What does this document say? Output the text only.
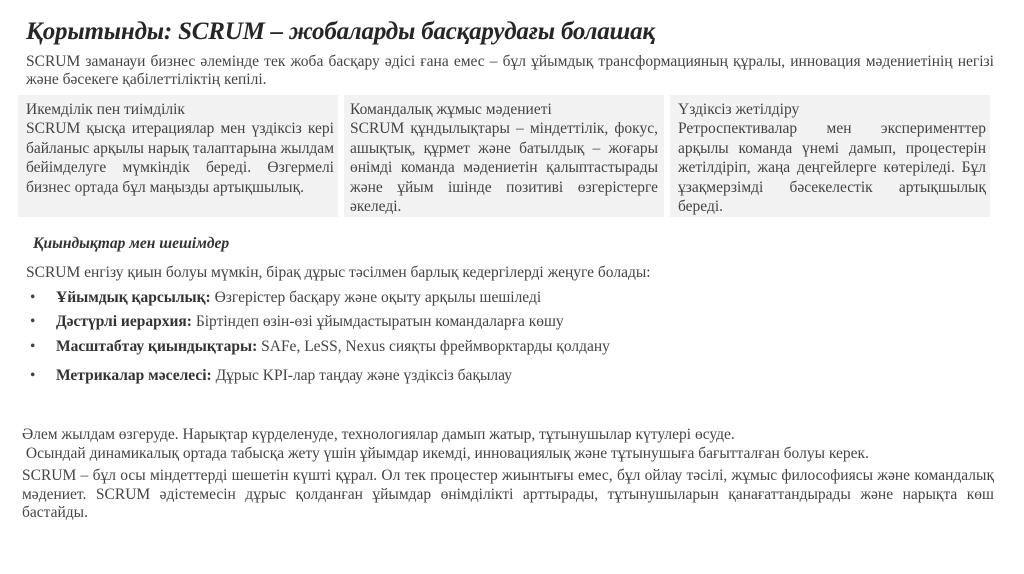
Қорытынды: SCRUM – жобаларды басқарудағы болашақ
SCRUM заманауи бизнес әлемінде тек жоба басқару әдісі ғана емес – бұл ұйымдық трансформацияның құралы, инновация мәдениетінің негізі және бәсекеге қабілеттіліктің кепілі.
Икемділік пен тиімділік

SCRUM қысқа итерациялар мен үздіксіз кері байланыс арқылы нарық талаптарына жылдам бейімделуге мүмкіндік береді. Өзгермелі бизнес ортада бұл маңызды артықшылық.

Командалық жұмыс мәдениеті

SCRUM құндылықтары – міндеттілік, фокус, ашықтық, құрмет және батылдық – жоғары өнімді команда мәдениетін қалыптастырады және ұйым ішінде позитиві өзгерістерге әкеледі.

Үздіксіз жетілдіру

Ретроспективалар мен эксперименттер арқылы команда үнемі дамып, процестерін жетілдіріп, жаңа деңгейлерге көтеріледі. Бұл ұзақмерзімді бәсекелестік артықшылық береді.

Қиындықтар мен шешімдер
SCRUM енгізу қиын болуы мүмкін, бірақ дұрыс тәсілмен барлық кедергілерді жеңуге болады:
• Ұйымдық қарсылық: Өзгерістер басқару және оқыту арқылы шешіледі
• Дәстүрлі иерархия: Біртіндеп өзін-өзі ұйымдастыратын командаларға көшу
• Масштабтау қиындықтары: SAFe, LeSS, Nexus сияқты фреймворктарды қолдану
• Метрикалар мәселесі: Дұрыс KPI-лар таңдау және үздіксіз бақылау
Әлем жылдам өзгеруде. Нарықтар күрделенуде, технологиялар дамып жатыр, тұтынушылар күтулері өсуде.
Осындай динамикалық ортада табысқа жету үшін ұйымдар икемді, инновациялық және тұтынушыға бағытталған болуы керек.
SCRUM – бұл осы міндеттерді шешетін күшті құрал. Ол тек процестер жиынтығы емес, бұл ойлау тәсілі, жұмыс философиясы және командалық мәдениет. SCRUM әдістемесін дұрыс қолданған ұйымдар өнімділікті арттырады, тұтынушыларын қанағаттандырады және нарықта көш бастайды.
